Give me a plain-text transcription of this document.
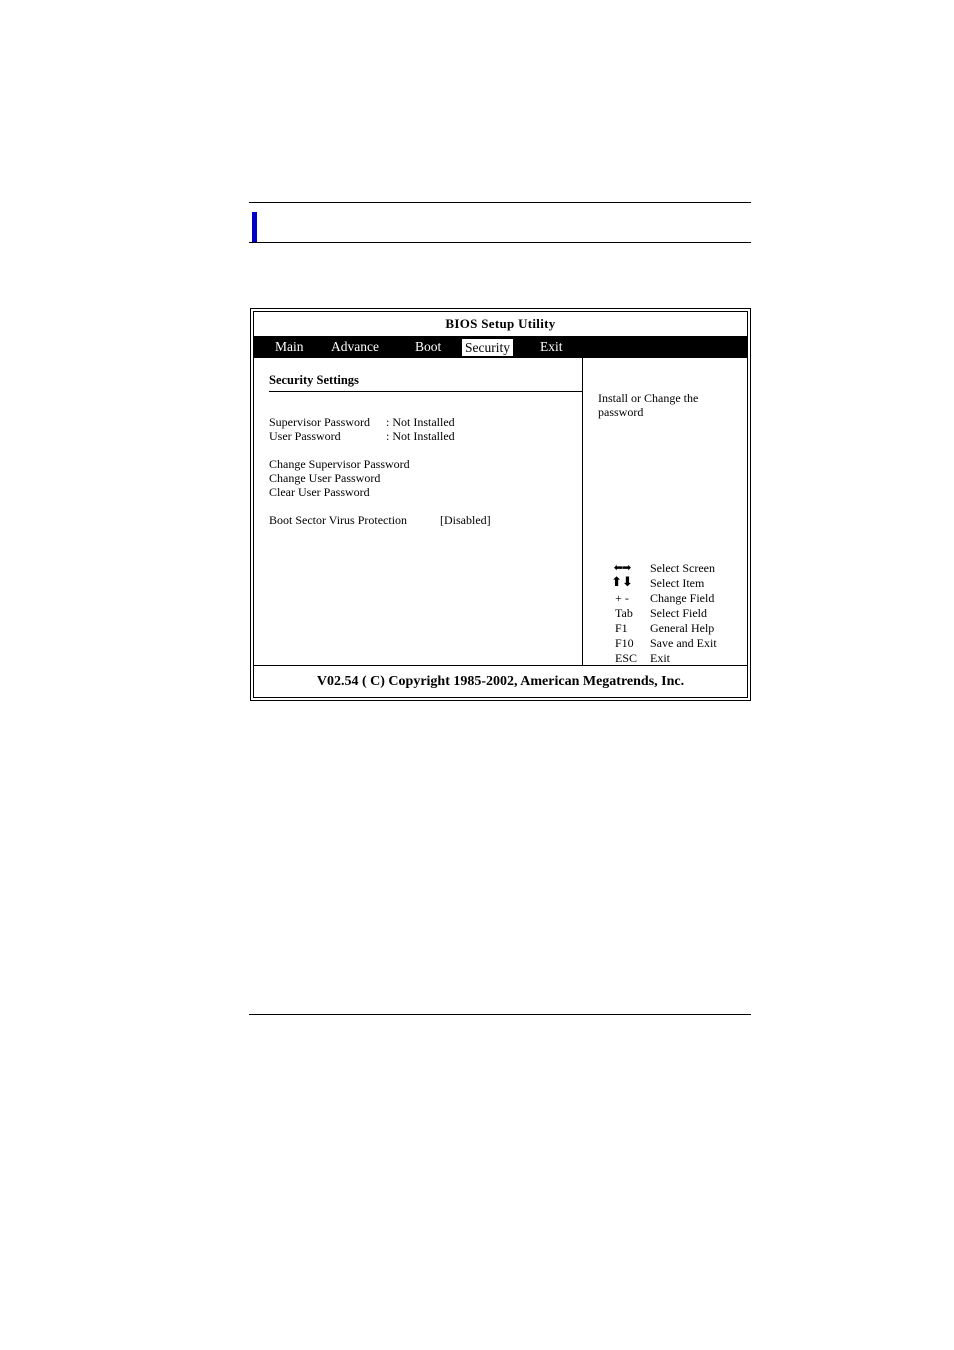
BIOS Setup Utility
Main Advance	Boot Security Exit
Security Settings
Supervisor Password : Not Installed
User Password	: Not Installed
Change Supervisor Password
Change User Password
Clear User Password
Boot Sector Virus Protection	[Disabled]
Install or Change the password
⬅➡	Select Screen
⬆⬇	Select Item
+ -	Change Field
Tab Select Field
F1 General Help
F10 Save and Exit
ESC Exit
V02.54 ( C) Copyright 1985-2002, American Megatrends, Inc.
